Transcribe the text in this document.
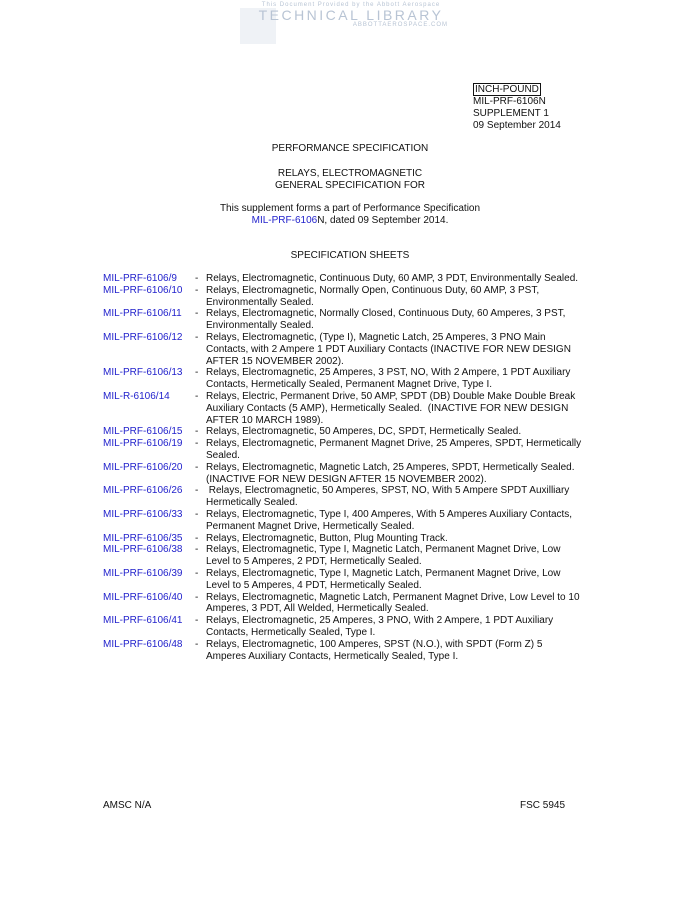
This Document Provided by the Abbott Aerospace
TECHNICAL LIBRARY
ABBOTTAEROSPACE.COM
INCH-POUND
MIL-PRF-6106N
SUPPLEMENT 1
09 September 2014
PERFORMANCE SPECIFICATION
RELAYS, ELECTROMAGNETIC
GENERAL SPECIFICATION FOR
This supplement forms a part of Performance Specification
MIL-PRF-6106N, dated 09 September 2014.
SPECIFICATION SHEETS
MIL-PRF-6106/9	- Relays, Electromagnetic, Continuous Duty, 60 AMP, 3 PDT, Environmentally Sealed.
MIL-PRF-6106/10	- Relays, Electromagnetic, Normally Open, Continuous Duty, 60 AMP, 3 PST,
Environmentally Sealed.
MIL-PRF-6106/11	- Relays, Electromagnetic, Normally Closed, Continuous Duty, 60 Amperes, 3 PST,
Environmentally Sealed.
MIL-PRF-6106/12	- Relays, Electromagnetic, (Type I), Magnetic Latch, 25 Amperes, 3 PNO Main
Contacts, with 2 Ampere 1 PDT Auxiliary Contacts (INACTIVE FOR NEW DESIGN
AFTER 15 NOVEMBER 2002).
MIL-PRF-6106/13	- Relays, Electromagnetic, 25 Amperes, 3 PST, NO, With 2 Ampere, 1 PDT Auxiliary
Contacts, Hermetically Sealed, Permanent Magnet Drive, Type I.
MIL-R-6106/14	- Relays, Electric, Permanent Drive, 50 AMP, SPDT (DB) Double Make Double Break
Auxiliary Contacts (5 AMP), Hermetically Sealed.  (INACTIVE FOR NEW DESIGN
AFTER 10 MARCH 1989).
MIL-PRF-6106/15	- Relays, Electromagnetic, 50 Amperes, DC, SPDT, Hermetically Sealed.
MIL-PRF-6106/19	- Relays, Electromagnetic, Permanent Magnet Drive, 25 Amperes, SPDT, Hermetically
Sealed.
MIL-PRF-6106/20	- Relays, Electromagnetic, Magnetic Latch, 25 Amperes, SPDT, Hermetically Sealed.
(INACTIVE FOR NEW DESIGN AFTER 15 NOVEMBER 2002).
MIL-PRF-6106/26	- Relays, Electromagnetic, 50 Amperes, SPST, NO, With 5 Ampere SPDT Auxilliary
Hermetically Sealed.
MIL-PRF-6106/33	- Relays, Electromagnetic, Type I, 400 Amperes, With 5 Amperes Auxiliary Contacts,
Permanent Magnet Drive, Hermetically Sealed.
MIL-PRF-6106/35	- Relays, Electromagnetic, Button, Plug Mounting Track.
MIL-PRF-6106/38	- Relays, Electromagnetic, Type I, Magnetic Latch, Permanent Magnet Drive, Low
Level to 5 Amperes, 2 PDT, Hermetically Sealed.
MIL-PRF-6106/39	- Relays, Electromagnetic, Type I, Magnetic Latch, Permanent Magnet Drive, Low
Level to 5 Amperes, 4 PDT, Hermetically Sealed.
MIL-PRF-6106/40	- Relays, Electromagnetic, Magnetic Latch, Permanent Magnet Drive, Low Level to 10
Amperes, 3 PDT, All Welded, Hermetically Sealed.
MIL-PRF-6106/41	- Relays, Electromagnetic, 25 Amperes, 3 PNO, With 2 Ampere, 1 PDT Auxiliary
Contacts, Hermetically Sealed, Type I.
MIL-PRF-6106/48	- Relays, Electromagnetic, 100 Amperes, SPST (N.O.), with SPDT (Form Z) 5
Amperes Auxiliary Contacts, Hermetically Sealed, Type I.
AMSC N/A	FSC 5945
